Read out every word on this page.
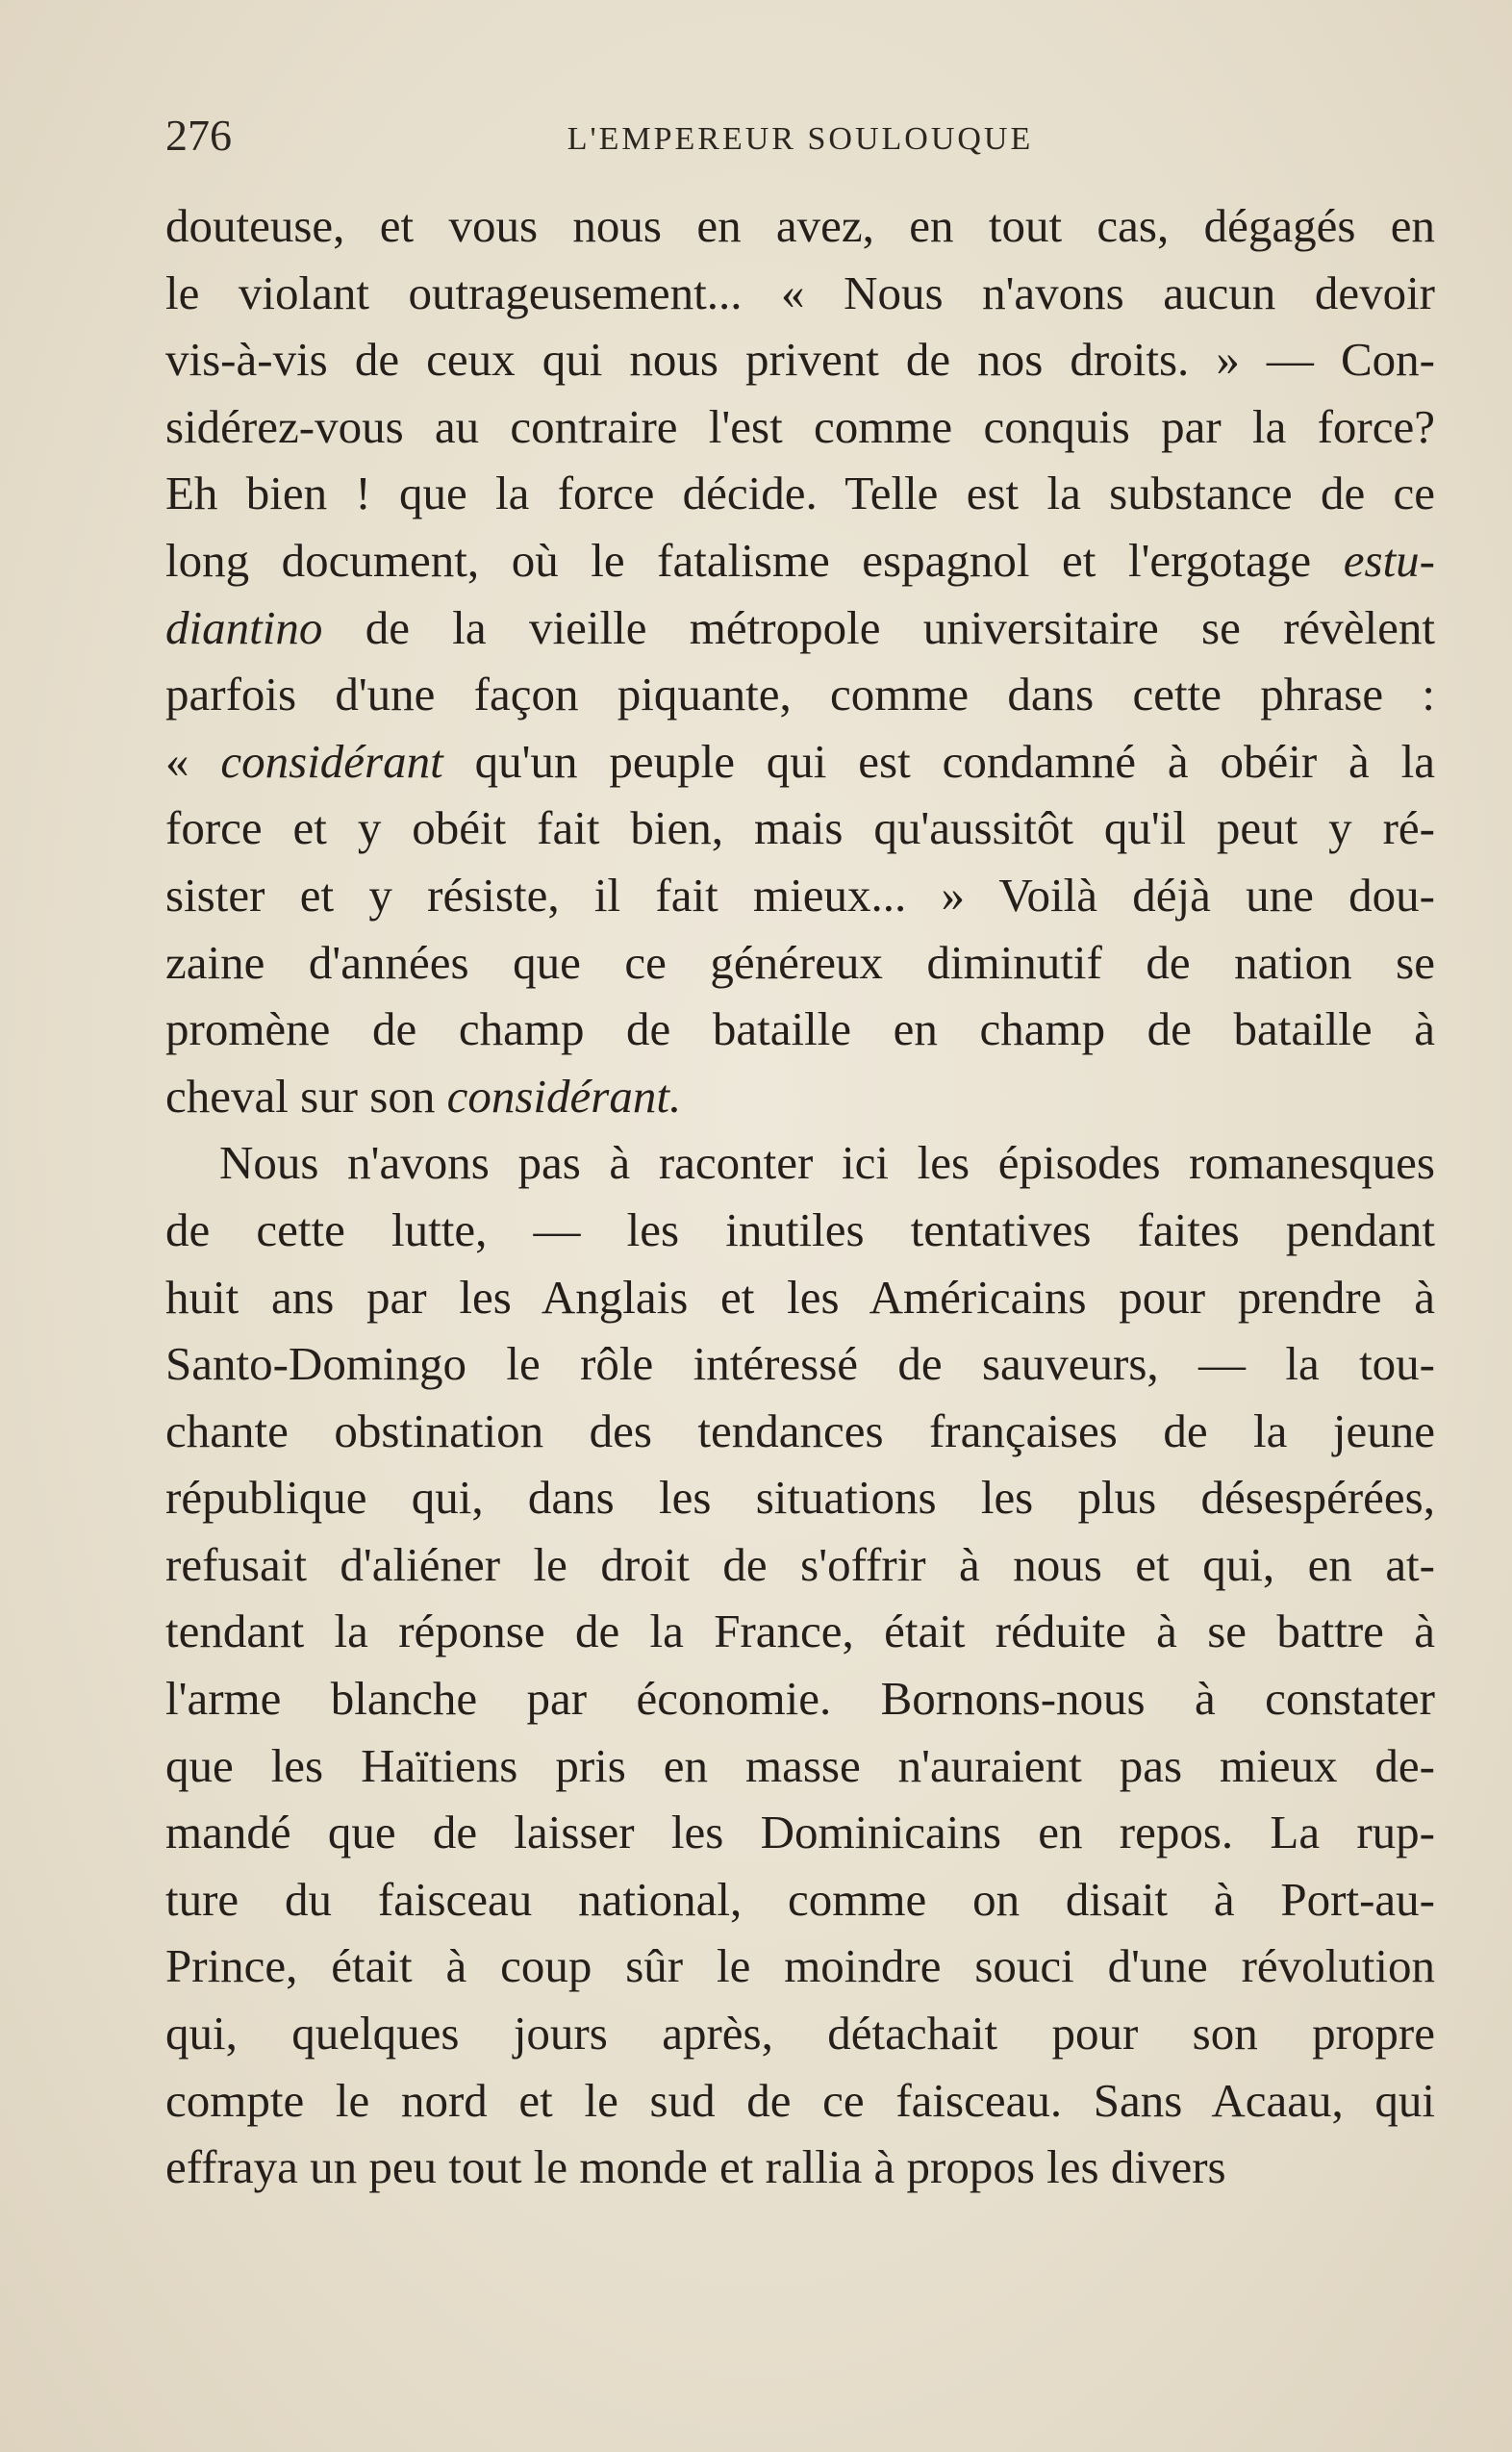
276	L'EMPEREUR SOULOUQUE
douteuse, et vous nous en avez, en tout cas, dégagés en
le violant outrageusement... « Nous n'avons aucun devoir
vis-à-vis de ceux qui nous privent de nos droits. » — Con-
sidérez-vous au contraire l'est comme conquis par la force?
Eh bien ! que la force décide. Telle est la substance de ce
long document, où le fatalisme espagnol et l'ergotage estu-
diantino de la vieille métropole universitaire se révèlent
parfois d'une façon piquante, comme dans cette phrase :
« considérant qu'un peuple qui est condamné à obéir à la
force et y obéit fait bien, mais qu'aussitôt qu'il peut y ré-
sister et y résiste, il fait mieux... » Voilà déjà une dou-
zaine d'années que ce généreux diminutif de nation se
promène de champ de bataille en champ de bataille à
cheval sur son considérant.
Nous n'avons pas à raconter ici les épisodes romanesques
de cette lutte, — les inutiles tentatives faites pendant
huit ans par les Anglais et les Américains pour prendre à
Santo-Domingo le rôle intéressé de sauveurs, — la tou-
chante obstination des tendances françaises de la jeune
république qui, dans les situations les plus désespérées,
refusait d'aliéner le droit de s'offrir à nous et qui, en at-
tendant la réponse de la France, était réduite à se battre à
l'arme blanche par économie. Bornons-nous à constater
que les Haïtiens pris en masse n'auraient pas mieux de-
mandé que de laisser les Dominicains en repos. La rup-
ture du faisceau national, comme on disait à Port-au-
Prince, était à coup sûr le moindre souci d'une révolution
qui, quelques jours après, détachait pour son propre
compte le nord et le sud de ce faisceau. Sans Acaau, qui
effraya un peu tout le monde et rallia à propos les divers
